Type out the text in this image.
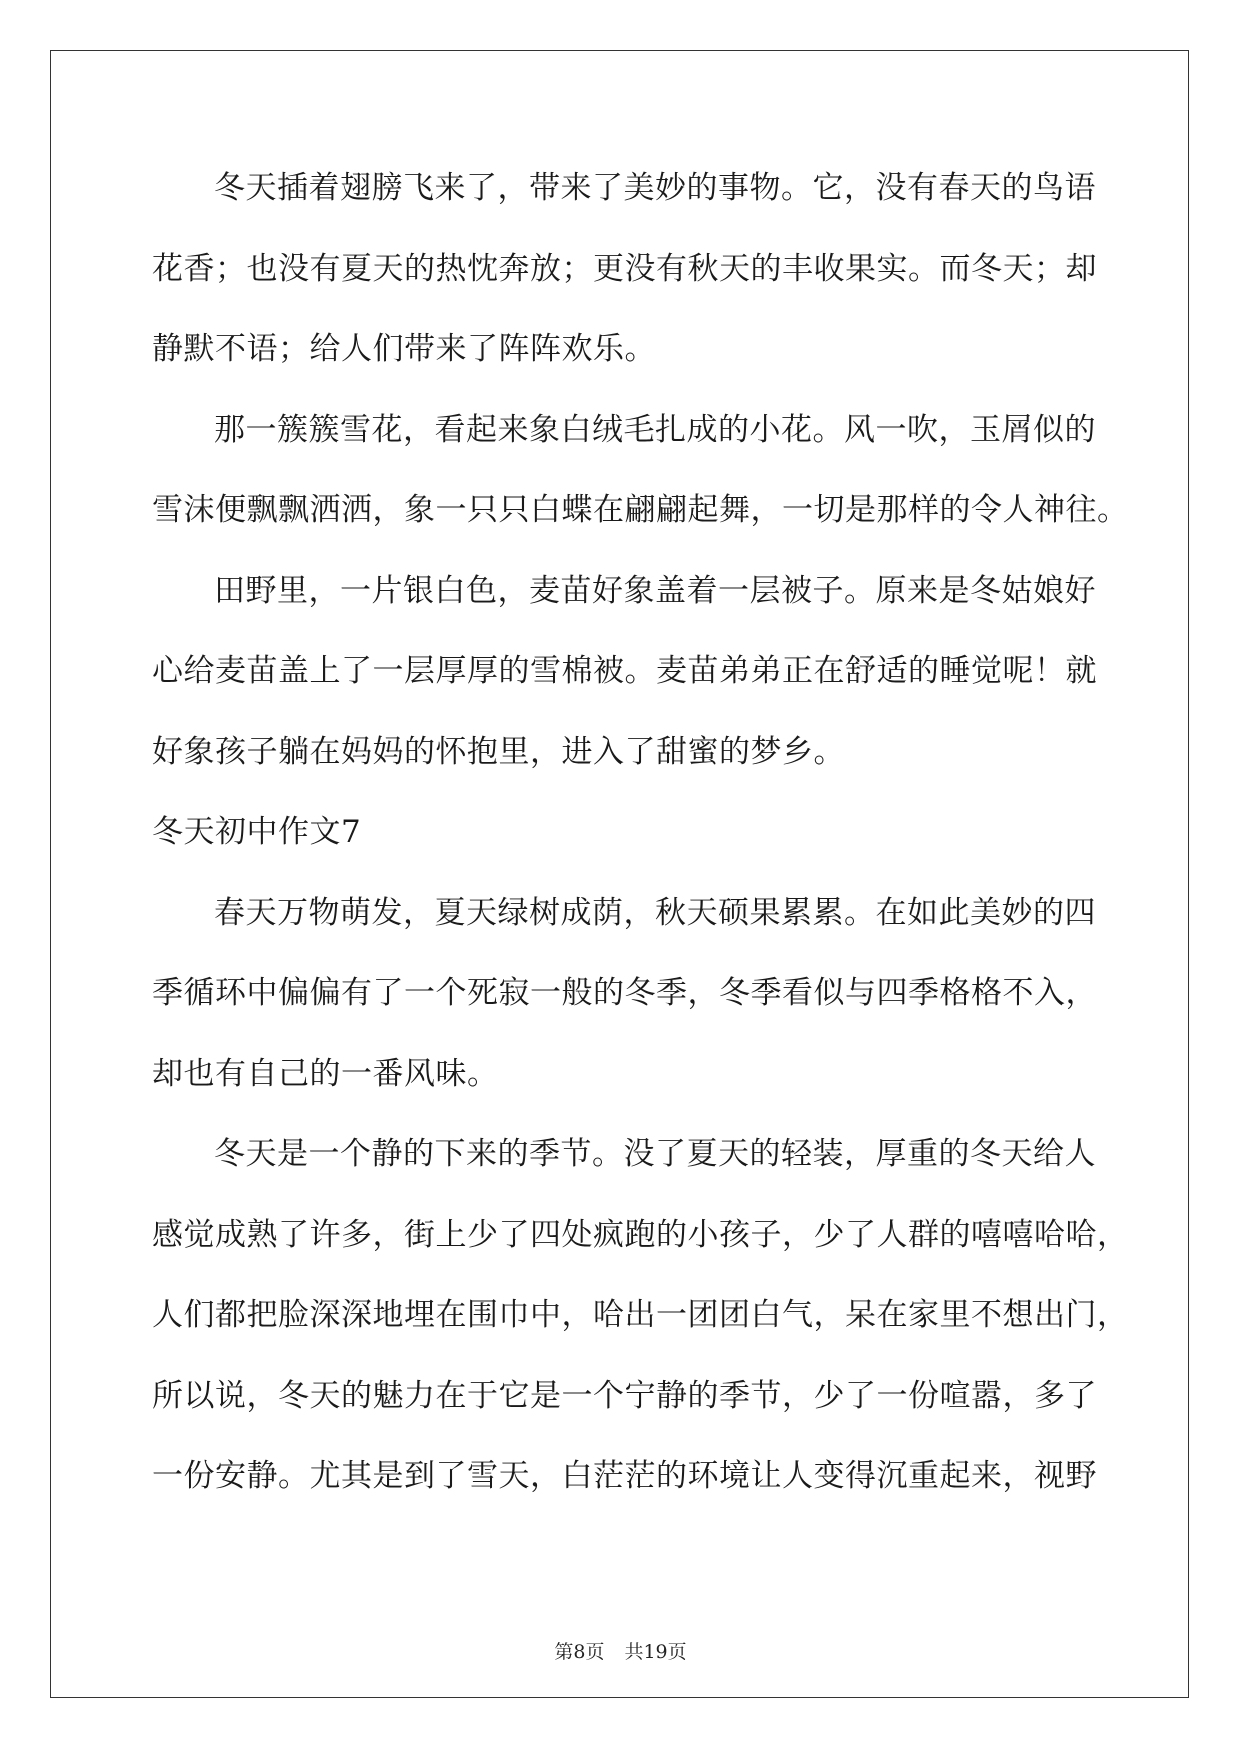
冬天插着翅膀飞来了，带来了美妙的事物。它，没有春天的鸟语
花香；也没有夏天的热忱奔放；更没有秋天的丰收果实。而冬天；却
静默不语；给人们带来了阵阵欢乐。
那一簇簇雪花，看起来象白绒毛扎成的小花。风一吹，玉屑似的
雪沫便飘飘洒洒，象一只只白蝶在翩翩起舞，一切是那样的令人神往。
田野里，一片银白色，麦苗好象盖着一层被子。原来是冬姑娘好
心给麦苗盖上了一层厚厚的雪棉被。麦苗弟弟正在舒适的睡觉呢！就
好象孩子躺在妈妈的怀抱里，进入了甜蜜的梦乡。
冬天初中作文7
春天万物萌发，夏天绿树成荫，秋天硕果累累。在如此美妙的四
季循环中偏偏有了一个死寂一般的冬季，冬季看似与四季格格不入，
却也有自己的一番风味。
冬天是一个静的下来的季节。没了夏天的轻装，厚重的冬天给人
感觉成熟了许多，街上少了四处疯跑的小孩子，少了人群的嘻嘻哈哈，
人们都把脸深深地埋在围巾中，哈出一团团白气，呆在家里不想出门，
所以说，冬天的魅力在于它是一个宁静的季节，少了一份喧嚣，多了
一份安静。尤其是到了雪天，白茫茫的环境让人变得沉重起来，视野
第8页 共19页
